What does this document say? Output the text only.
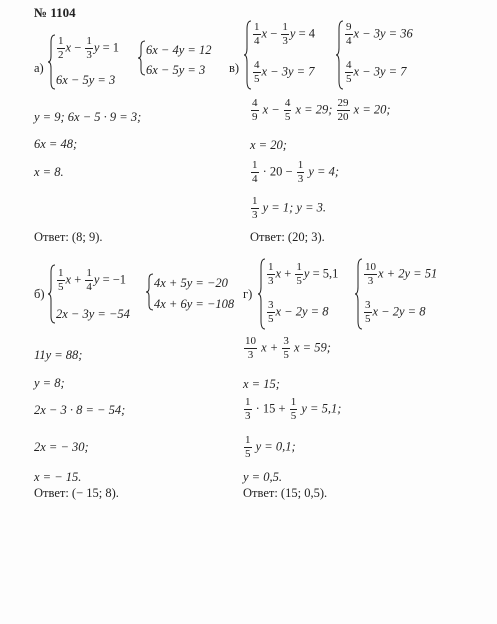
№ 1104
а)
$\frac{1}{2}$ $x - \frac{1}{3}$ y = 1
6x − 5y = 3
6x − 4y = 12
6x − 5y = 3
y = 9; 6x − 5 · 9 = 3;
6x = 48;
x = 8.
Ответ: (8; 9).
в)
$\frac{1}{4}$ $x - \frac{1}{3}$ y = 4
$\frac{4}{5}$ x − 3y = 7
$\frac{9}{4}$ x − 3y = 36
$\frac{4}{5}$ x − 3y = 7
$\frac{4}{9}$ $x - \frac{4}{5}$ x = 29; $\frac{29}{20}$ x = 20;
x = 20;
$\frac{1}{4} \cdot 20 - \frac{1}{3}$ y = 4;
$\frac{1}{3}$ y = 1; y = 3.
Ответ: (20; 3).
б)
$\frac{1}{5}$ $x + \frac{1}{4}$ y = −1
2x − 3y = −54
4x + 5y = −20
4x + 6y = −108
11y = 88;
y = 8;
2x − 3 · 8 = − 54;
2x = − 30;
x = − 15.
Ответ: (− 15; 8).
г)
$\frac{1}{3}$ $x + \frac{1}{5}$ y = 5,1
$\frac{3}{5}$ x − 2y = 8
$\frac{10}{3}$ x + 2y = 51
$\frac{3}{5}$ x − 2y = 8
$\frac{10}{3}$ $x + \frac{3}{5}$ x = 59;
x = 15;
$\frac{1}{3} \cdot 15 + \frac{1}{5}$ y = 5,1;
$\frac{1}{5}$ y = 0,1;
y = 0,5.
Ответ: (15; 0,5).
